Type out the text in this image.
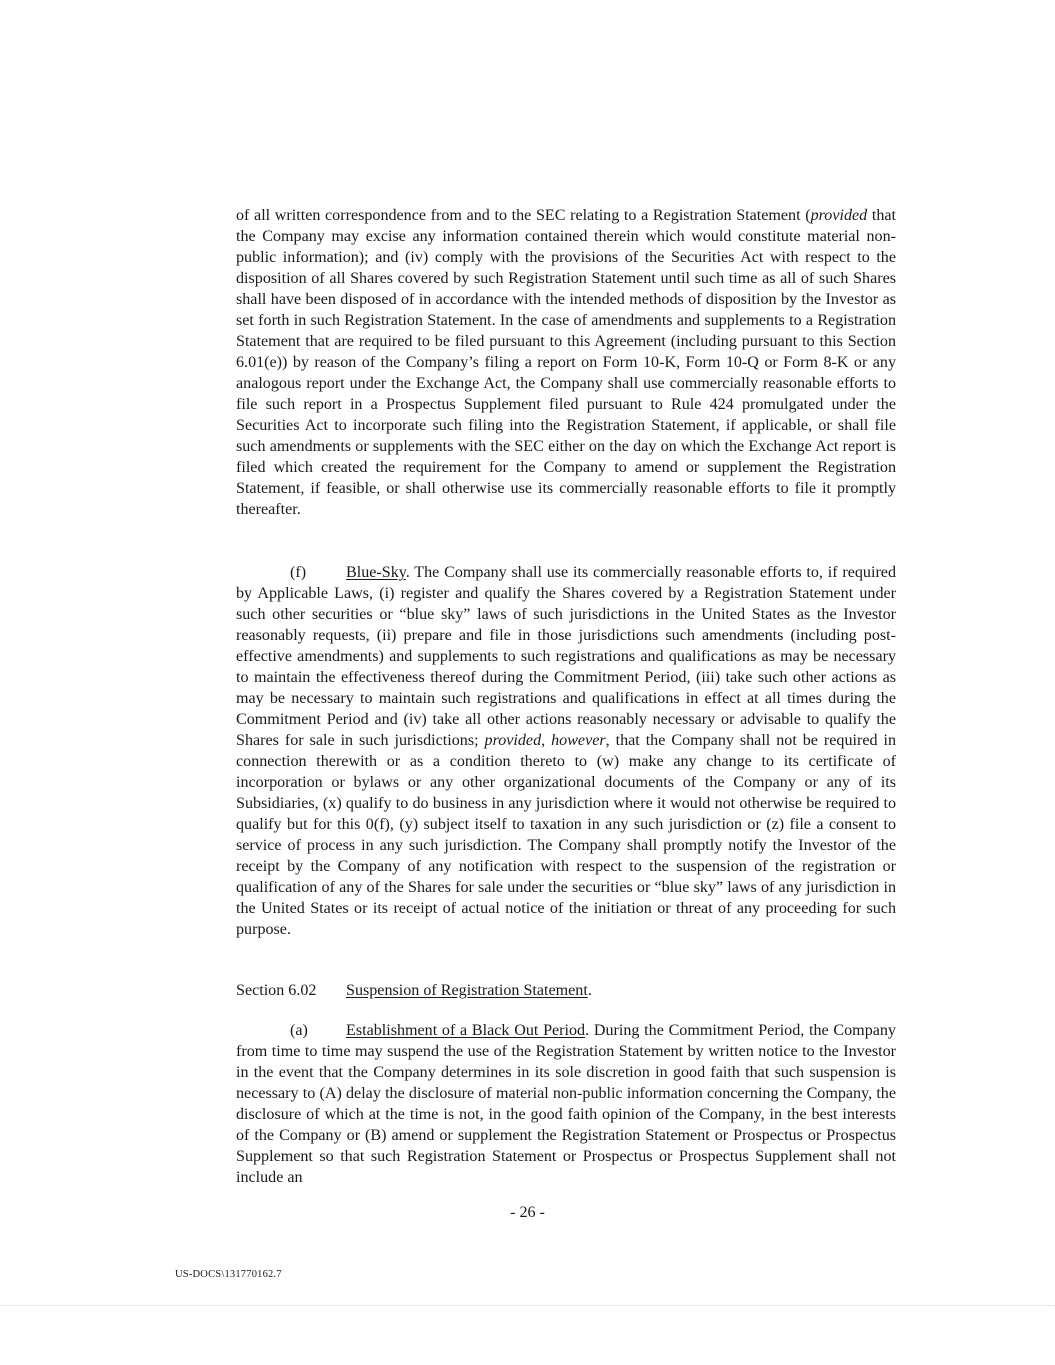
of all written correspondence from and to the SEC relating to a Registration Statement (provided that the Company may excise any information contained therein which would constitute material non-public information); and (iv) comply with the provisions of the Securities Act with respect to the disposition of all Shares covered by such Registration Statement until such time as all of such Shares shall have been disposed of in accordance with the intended methods of disposition by the Investor as set forth in such Registration Statement. In the case of amendments and supplements to a Registration Statement that are required to be filed pursuant to this Agreement (including pursuant to this Section 6.01(e)) by reason of the Company’s filing a report on Form 10-K, Form 10-Q or Form 8-K or any analogous report under the Exchange Act, the Company shall use commercially reasonable efforts to file such report in a Prospectus Supplement filed pursuant to Rule 424 promulgated under the Securities Act to incorporate such filing into the Registration Statement, if applicable, or shall file such amendments or supplements with the SEC either on the day on which the Exchange Act report is filed which created the requirement for the Company to amend or supplement the Registration Statement, if feasible, or shall otherwise use its commercially reasonable efforts to file it promptly thereafter.

(f) Blue-Sky. The Company shall use its commercially reasonable efforts to, if required by Applicable Laws, (i) register and qualify the Shares covered by a Registration Statement under such other securities or “blue sky” laws of such jurisdictions in the United States as the Investor reasonably requests, (ii) prepare and file in those jurisdictions such amendments (including post-effective amendments) and supplements to such registrations and qualifications as may be necessary to maintain the effectiveness thereof during the Commitment Period, (iii) take such other actions as may be necessary to maintain such registrations and qualifications in effect at all times during the Commitment Period and (iv) take all other actions reasonably necessary or advisable to qualify the Shares for sale in such jurisdictions; provided, however, that the Company shall not be required in connection therewith or as a condition thereto to (w) make any change to its certificate of incorporation or bylaws or any other organizational documents of the Company or any of its Subsidiaries, (x) qualify to do business in any jurisdiction where it would not otherwise be required to qualify but for this 0(f), (y) subject itself to taxation in any such jurisdiction or (z) file a consent to service of process in any such jurisdiction. The Company shall promptly notify the Investor of the receipt by the Company of any notification with respect to the suspension of the registration or qualification of any of the Shares for sale under the securities or “blue sky” laws of any jurisdiction in the United States or its receipt of actual notice of the initiation or threat of any proceeding for such purpose.

Section 6.02 Suspension of Registration Statement.

(a) Establishment of a Black Out Period. During the Commitment Period, the Company from time to time may suspend the use of the Registration Statement by written notice to the Investor in the event that the Company determines in its sole discretion in good faith that such suspension is necessary to (A) delay the disclosure of material non-public information concerning the Company, the disclosure of which at the time is not, in the good faith opinion of the Company, in the best interests of the Company or (B) amend or supplement the Registration Statement or Prospectus or Prospectus Supplement so that such Registration Statement or Prospectus or Prospectus Supplement shall not include an

- 26 -
US-DOCS\131770162.7
